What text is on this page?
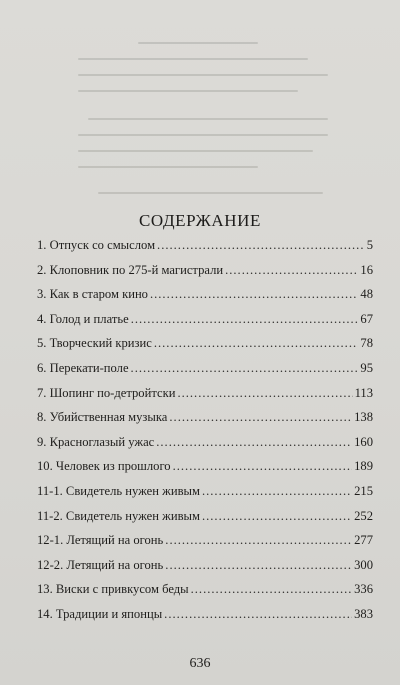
СОДЕРЖАНИЕ
1. Отпуск со смыслом .....	5
2. Клоповник по 275-й магистрали .....	16
3. Как в старом кино .....	48
4. Голод и платье .....	67
5. Творческий кризис .....	78
6. Перекати-поле .....	95
7. Шопинг по-детройтски .....	113
8. Убийственная музыка .....	138
9. Красноглазый ужас .....	160
10. Человек из прошлого .....	189
11-1. Свидетель нужен живым .....	215
11-2. Свидетель нужен живым .....	252
12-1. Летящий на огонь .....	277
12-2. Летящий на огонь .....	300
13. Виски с привкусом беды .....	336
14. Традиции и японцы .....	383
636
